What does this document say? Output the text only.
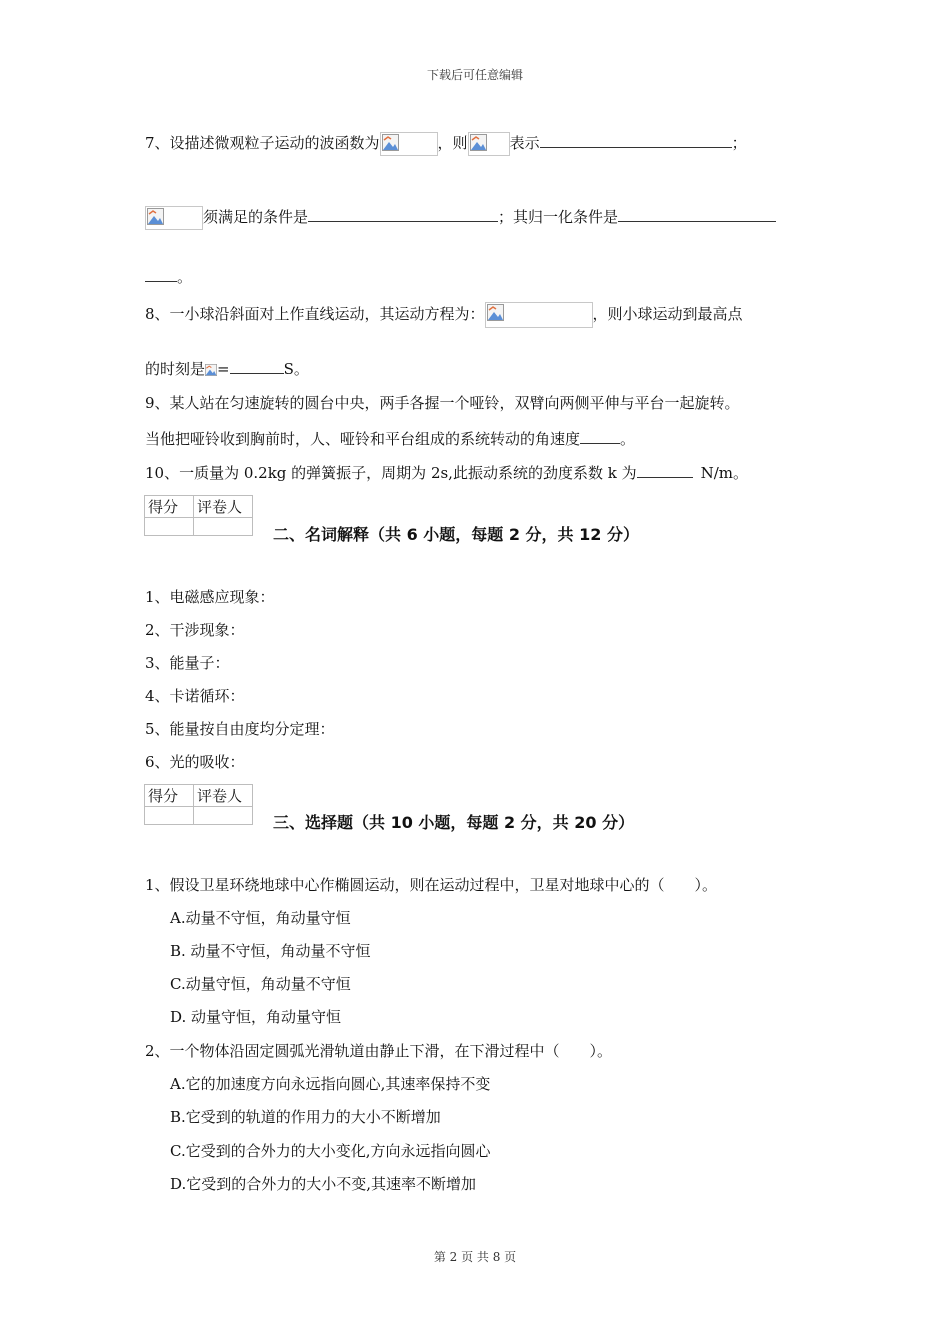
下载后可任意编辑
7、设描述微观粒子运动的波函数为	，则	表示	；
须满足的条件是	；其归一化条件是
。
8、一小球沿斜面对上作直线运动，其运动方程为：	，则小球运动到最高点
的时刻是 =	S。
9、某人站在匀速旋转的圆台中央，两手各握一个哑铃，双臂向两侧平伸与平台一起旋转。
当他把哑铃收到胸前时，人、哑铃和平台组成的系统转动的角速度	。
10、一质量为 0.2kg 的弹簧振子，周期为 2s,此振动系统的劲度系数 k 为	N/m。
得分	评卷人

二、名词解释（共 6 小题，每题 2 分，共 12 分）
1、电磁感应现象：
2、干涉现象：
3、能量子：
4、卡诺循环：
5、能量按自由度均分定理：
6、光的吸收：
得分	评卷人

三、选择题（共 10 小题，每题 2 分，共 20 分）
1、假设卫星环绕地球中心作椭圆运动，则在运动过程中，卫星对地球中心的（　　）。
A.动量不守恒，角动量守恒
B. 动量不守恒，角动量不守恒
C.动量守恒，角动量不守恒
D. 动量守恒，角动量守恒
2、一个物体沿固定圆弧光滑轨道由静止下滑，在下滑过程中（　　）。
A.它的加速度方向永远指向圆心,其速率保持不变
B.它受到的轨道的作用力的大小不断增加
C.它受到的合外力的大小变化,方向永远指向圆心
D.它受到的合外力的大小不变,其速率不断增加
第 2 页 共 8 页
